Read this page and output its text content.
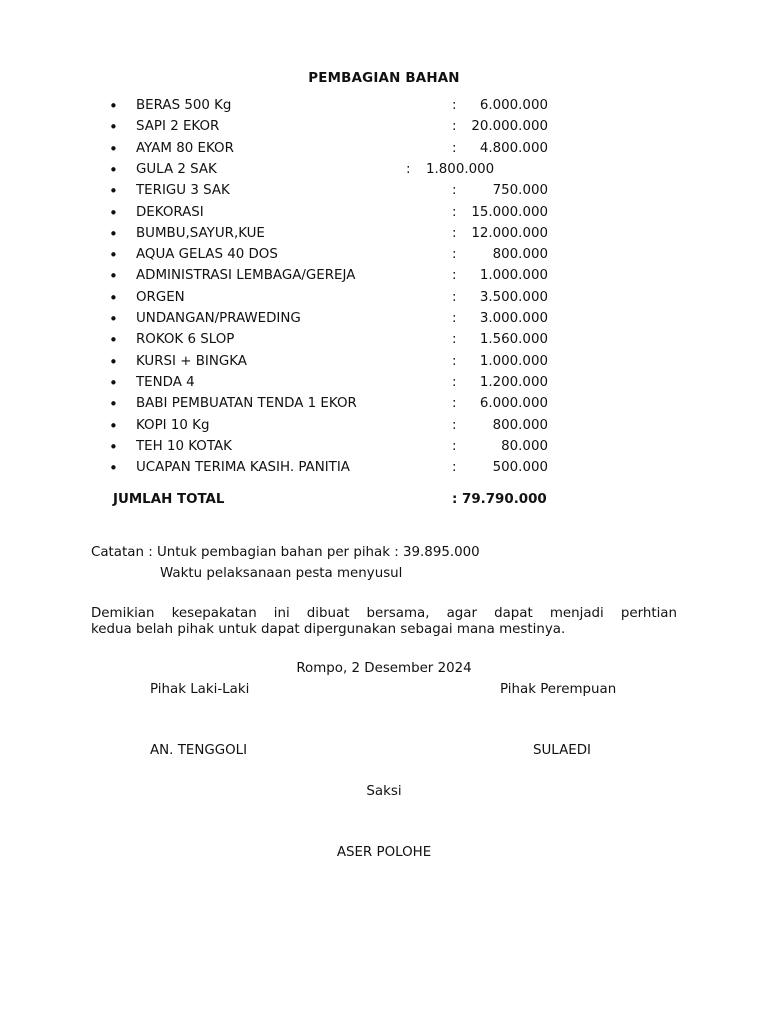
PEMBAGIAN BAHAN
• BERAS 500 Kg	:	6.000.000
• SAPI 2 EKOR	:	20.000.000
• AYAM 80 EKOR	:	4.800.000
• GULA 2 SAK	: 1.800.000
• TERIGU 3 SAK	:	750.000
• DEKORASI	:	15.000.000
• BUMBU,SAYUR,KUE	:	12.000.000
• AQUA GELAS 40 DOS	:	800.000
• ADMINISTRASI LEMBAGA/GEREJA	:	1.000.000
• ORGEN	:	3.500.000
• UNDANGAN/PRAWEDING	:	3.000.000
• ROKOK 6 SLOP	:	1.560.000
• KURSI + BINGKA	:	1.000.000
• TENDA 4	:	1.200.000
• BABI PEMBUATAN TENDA 1 EKOR	:	6.000.000
• KOPI 10 Kg	:	800.000
• TEH 10 KOTAK	:	80.000
• UCAPAN TERIMA KASIH. PANITIA	:	500.000
JUMLAH TOTAL	: 79.790.000
Catatan : Untuk pembagian bahan per pihak : 39.895.000
Waktu pelaksanaan pesta menyusul
Demikian kesepakatan ini dibuat bersama, agar dapat menjadi perhtian
kedua belah pihak untuk dapat dipergunakan sebagai mana mestinya.
Rompo, 2 Desember 2024
Pihak Laki-Laki	Pihak Perempuan
AN. TENGGOLI	SULAEDI
Saksi
ASER POLOHE
